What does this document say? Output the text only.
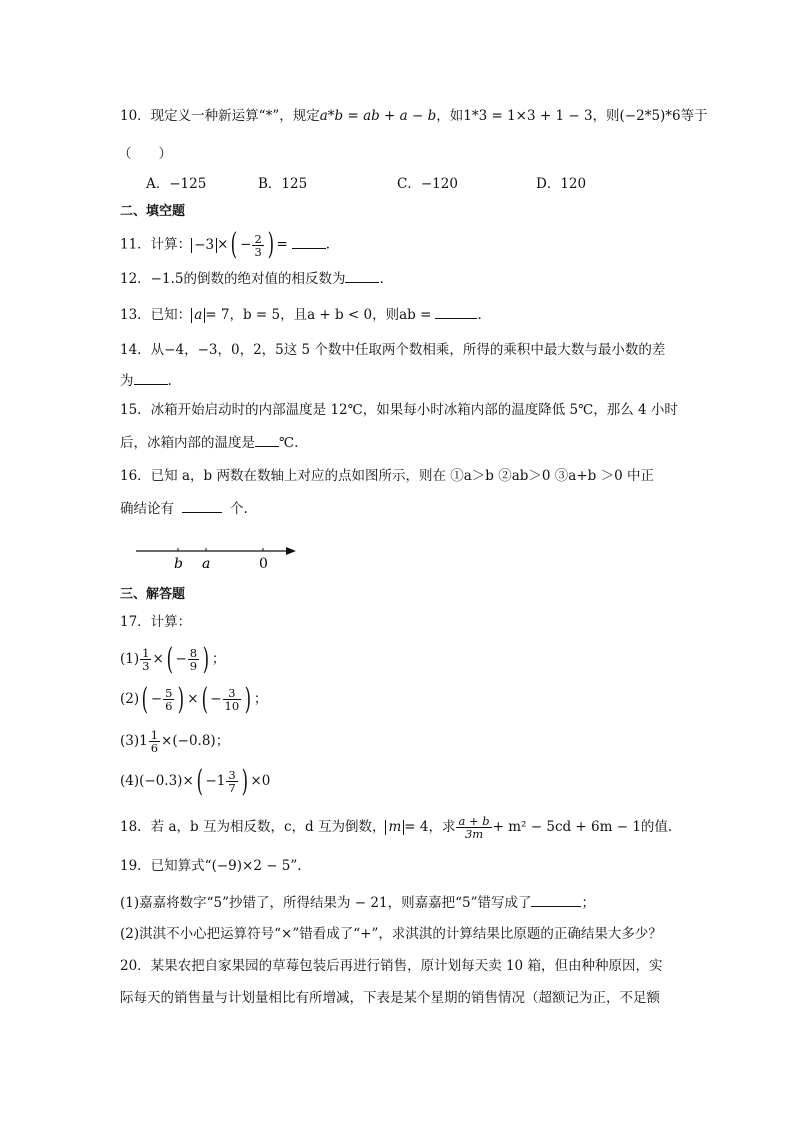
10．现定义一种新运算“*”，规定a*b = ab + a − b，如1*3 = 1×3 + 1 − 3，则(−2*5)*6等于
（　　）
A．−125	B．125	C．−120	D．120
二、填空题
11．计算： −3 ×( − $\frac{2}{3}$ ) =	.
12．−1.5的倒数的绝对值的相反数为	.
13．已知： a = 7，b = 5，且a + b < 0，则ab =	.
14．从−4，−3，0，2，5这 5 个数中任取两个数相乘，所得的乘积中最大数与最小数的差
为	.
15．冰箱开始启动时的内部温度是 12℃，如果每小时冰箱内部的温度降低 5℃，那么 4 小时
后，冰箱内部的温度是 ℃.
16．已知 a，b 两数在数轴上对应的点如图所示，则在 ①a＞b ②ab＞0 ③a+b ＞0 中正
确结论有	个.
b a	0
三、解答题
17．计算：
$(1) \frac{1}{3}$ ×( − $\frac{8}{9}$ ) ；
$(2)( - \frac{5}{6}$ ) ×( − $\frac{3}{10}$ ) ；
$(3)1 \frac{1}{6} \times(-0.8)$；
$(4)(-0.3)\times( -1 \frac{3}{7}$ ) ×0
18．若 a，b 互为相反数，c，d 互为倒数， m = 4，求 $\frac{a + b}{3m} + m^2 - 5cd + 6m - 1$的值.
19．已知算式“(−9)×2 − 5”.
(1)嘉嘉将数字“5”抄错了，所得结果为 − 21，则嘉嘉把“5”错写成了	；
(2)淇淇不小心把运算符号“×”错看成了“+”，求淇淇的计算结果比原题的正确结果大多少？
20．某果农把自家果园的草莓包装后再进行销售，原计划每天卖 10 箱，但由种种原因，实
际每天的销售量与计划量相比有所增减，下表是某个星期的销售情况（超额记为正，不足额
